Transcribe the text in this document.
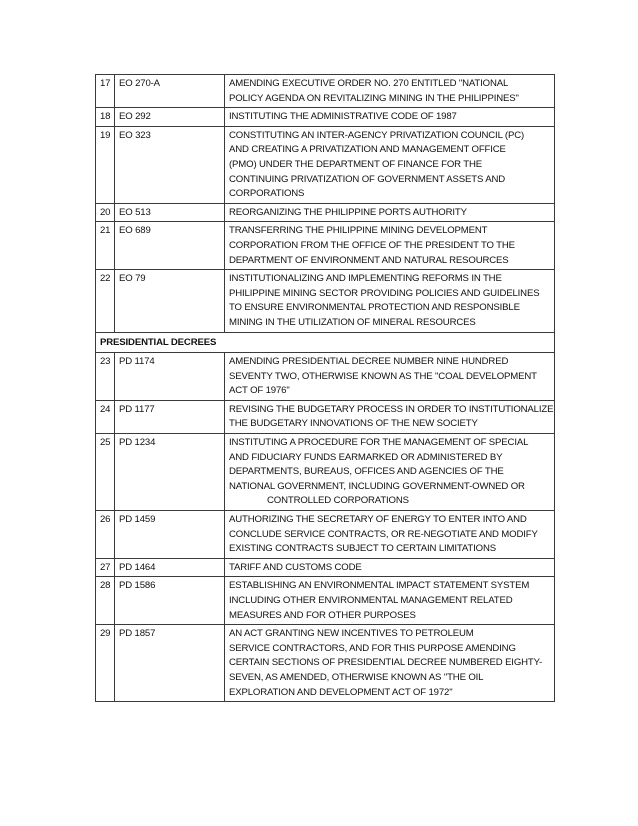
17	EO 270-A	AMENDING EXECUTIVE ORDER NO. 270 ENTITLED "NATIONAL
POLICY AGENDA ON REVITALIZING MINING IN THE PHILIPPINES"

18	EO 292	INSTITUTING THE ADMINISTRATIVE CODE OF 1987

19	EO 323	CONSTITUTING AN INTER-AGENCY PRIVATIZATION COUNCIL (PC)
AND CREATING A PRIVATIZATION AND MANAGEMENT OFFICE
(PMO) UNDER THE DEPARTMENT OF FINANCE FOR THE
CONTINUING PRIVATIZATION OF GOVERNMENT ASSETS AND
CORPORATIONS

20	EO 513	REORGANIZING THE PHILIPPINE PORTS AUTHORITY

21	EO 689	TRANSFERRING THE PHILIPPINE MINING DEVELOPMENT
CORPORATION FROM THE OFFICE OF THE PRESIDENT TO THE
DEPARTMENT OF ENVIRONMENT AND NATURAL RESOURCES

22	EO 79	INSTITUTIONALIZING AND IMPLEMENTING REFORMS IN THE
PHILIPPINE MINING SECTOR PROVIDING POLICIES AND GUIDELINES
TO ENSURE ENVIRONMENTAL PROTECTION AND RESPONSIBLE
MINING IN THE UTILIZATION OF MINERAL RESOURCES

PRESIDENTIAL DECREES		
23	PD 1174	AMENDING PRESIDENTIAL DECREE NUMBER NINE HUNDRED
SEVENTY TWO, OTHERWISE KNOWN AS THE "COAL DEVELOPMENT
ACT OF 1976"

24	PD 1177	REVISING THE BUDGETARY PROCESS IN ORDER TO INSTITUTIONALIZE
THE BUDGETARY INNOVATIONS OF THE NEW SOCIETY

25	PD 1234	INSTITUTING A PROCEDURE FOR THE MANAGEMENT OF SPECIAL
AND FIDUCIARY FUNDS EARMARKED OR ADMINISTERED BY
DEPARTMENTS, BUREAUS, OFFICES AND AGENCIES OF THE
NATIONAL GOVERNMENT, INCLUDING GOVERNMENT-OWNED OR
CONTROLLED CORPORATIONS

26	PD 1459	AUTHORIZING THE SECRETARY OF ENERGY TO ENTER INTO AND
CONCLUDE SERVICE CONTRACTS, OR RE-NEGOTIATE AND MODIFY
EXISTING CONTRACTS SUBJECT TO CERTAIN LIMITATIONS

27	PD 1464	TARIFF AND CUSTOMS CODE

28	PD 1586	ESTABLISHING AN ENVIRONMENTAL IMPACT STATEMENT SYSTEM
INCLUDING OTHER ENVIRONMENTAL MANAGEMENT RELATED
MEASURES AND FOR OTHER PURPOSES

29	PD 1857	AN ACT GRANTING NEW INCENTIVES TO PETROLEUM
SERVICE CONTRACTORS, AND FOR THIS PURPOSE AMENDING
CERTAIN SECTIONS OF PRESIDENTIAL DECREE NUMBERED EIGHTY-
SEVEN, AS AMENDED, OTHERWISE KNOWN AS "THE OIL
EXPLORATION AND DEVELOPMENT ACT OF 1972"
